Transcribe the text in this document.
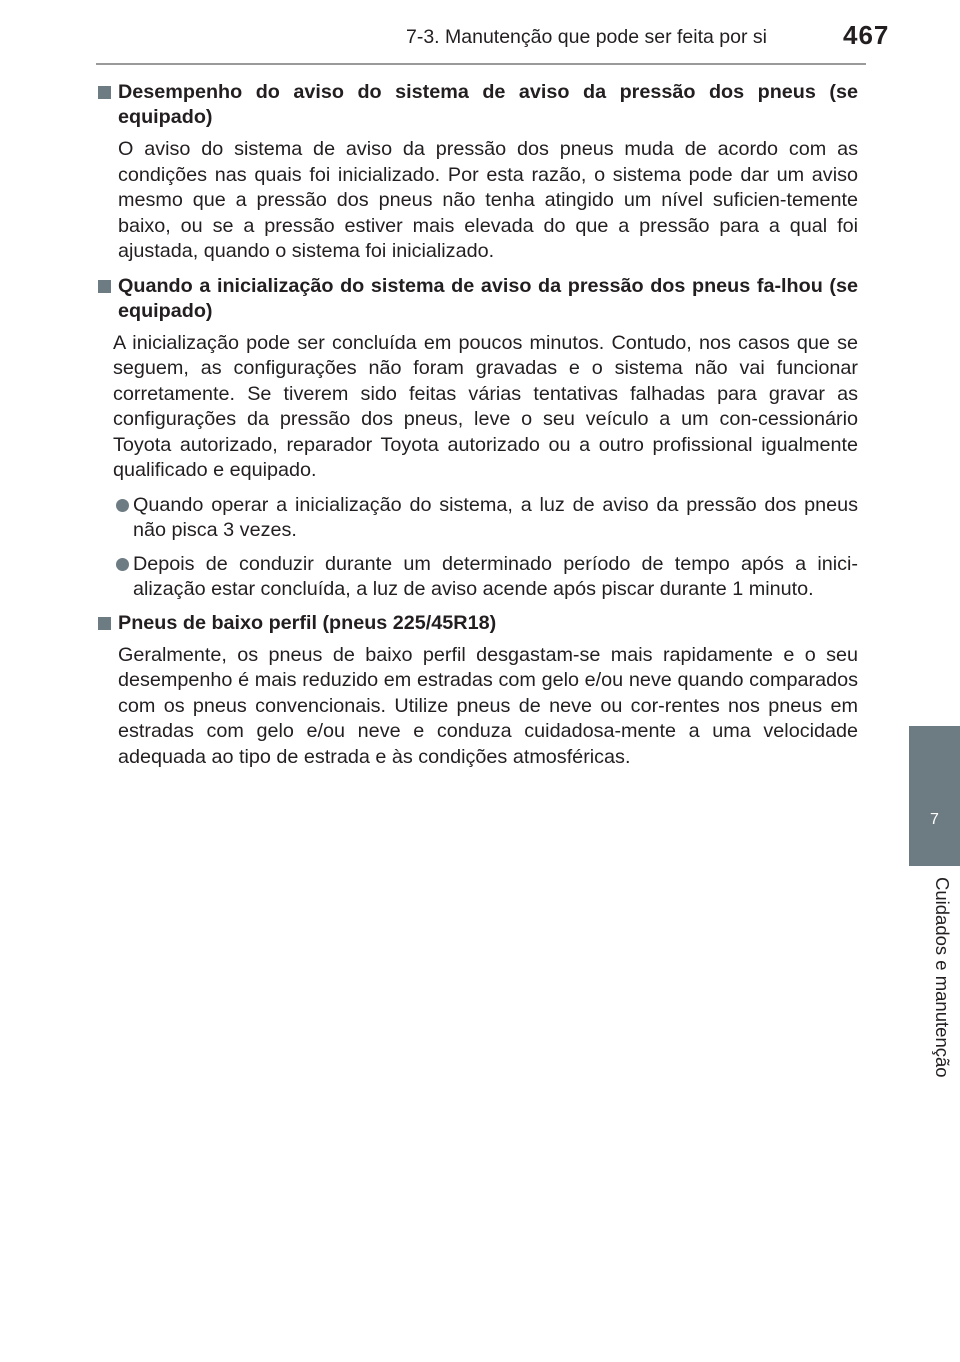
7-3. Manutenção que pode ser feita por si	467
7
Cuidados e manutenção
Desempenho do aviso do sistema de aviso da pressão dos pneus (se equipado)
O aviso do sistema de aviso da pressão dos pneus muda de acordo com as condições nas quais foi inicializado. Por esta razão, o sistema pode dar um aviso mesmo que a pressão dos pneus não tenha atingido um nível suficien-temente baixo, ou se a pressão estiver mais elevada do que a pressão para a qual foi ajustada, quando o sistema foi inicializado.
Quando a inicialização do sistema de aviso da pressão dos pneus fa-lhou (se equipado)
A inicialização pode ser concluída em poucos minutos. Contudo, nos casos que se seguem, as configurações não foram gravadas e o sistema não vai funcionar corretamente. Se tiverem sido feitas várias tentativas falhadas para gravar as configurações da pressão dos pneus, leve o seu veículo a um con-cessionário Toyota autorizado, reparador Toyota autorizado ou a outro profissional igualmente qualificado e equipado.
Quando operar a inicialização do sistema, a luz de aviso da pressão dos pneus não pisca 3 vezes.
Depois de conduzir durante um determinado período de tempo após a inici-alização estar concluída, a luz de aviso acende após piscar durante 1 minuto.
Pneus de baixo perfil (pneus 225/45R18)
Geralmente, os pneus de baixo perfil desgastam-se mais rapidamente e o seu desempenho é mais reduzido em estradas com gelo e/ou neve quando comparados com os pneus convencionais. Utilize pneus de neve ou cor-rentes nos pneus em estradas com gelo e/ou neve e conduza cuidadosa-mente a uma velocidade adequada ao tipo de estrada e às condições atmosféricas.
